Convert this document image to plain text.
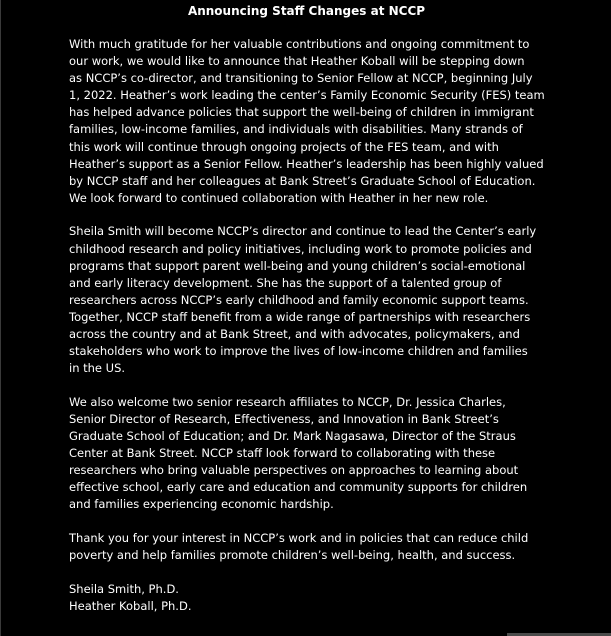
Announcing Staff Changes at NCCP

With much gratitude for her valuable contributions and ongoing commitment to
our work, we would like to announce that Heather Koball will be stepping down
as NCCP’s co-director, and transitioning to Senior Fellow at NCCP, beginning July
1, 2022. Heather’s work leading the center’s Family Economic Security (FES) team
has helped advance policies that support the well-being of children in immigrant
families, low-income families, and individuals with disabilities. Many strands of
this work will continue through ongoing projects of the FES team, and with
Heather’s support as a Senior Fellow. Heather’s leadership has been highly valued
by NCCP staff and her colleagues at Bank Street’s Graduate School of Education.
We look forward to continued collaboration with Heather in her new role.

Sheila Smith will become NCCP’s director and continue to lead the Center’s early
childhood research and policy initiatives, including work to promote policies and
programs that support parent well-being and young children’s social-emotional
and early literacy development. She has the support of a talented group of
researchers across NCCP’s early childhood and family economic support teams.
Together, NCCP staff benefit from a wide range of partnerships with researchers
across the country and at Bank Street, and with advocates, policymakers, and
stakeholders who work to improve the lives of low-income children and families
in the US.

We also welcome two senior research affiliates to NCCP, Dr. Jessica Charles,
Senior Director of Research, Effectiveness, and Innovation in Bank Street’s
Graduate School of Education; and Dr. Mark Nagasawa, Director of the Straus
Center at Bank Street. NCCP staff look forward to collaborating with these
researchers who bring valuable perspectives on approaches to learning about
effective school, early care and education and community supports for children
and families experiencing economic hardship.

Thank you for your interest in NCCP’s work and in policies that can reduce child
poverty and help families promote children’s well-being, health, and success.

Sheila Smith, Ph.D.

Heather Koball, Ph.D.
